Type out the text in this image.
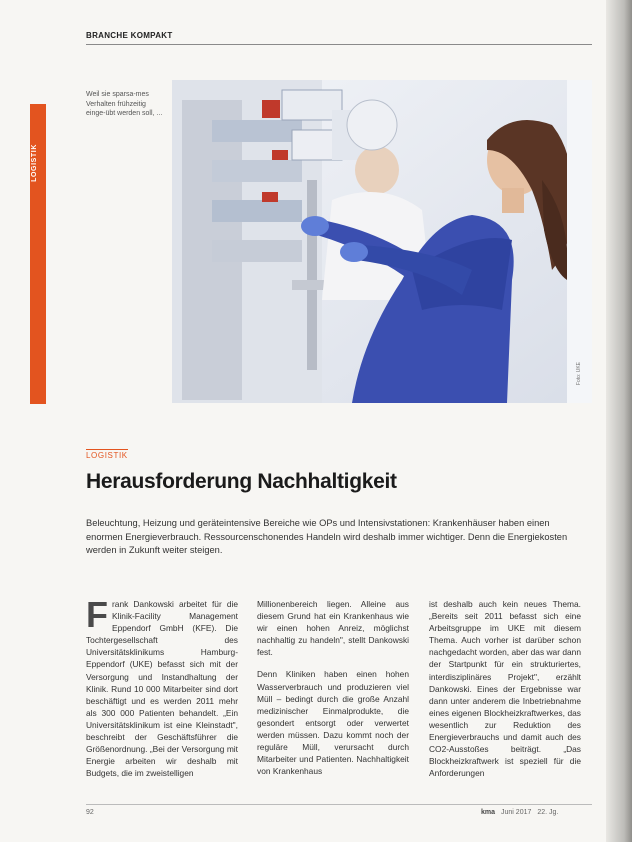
BRANCHE KOMPAKT
LOGISTIK
Weil sie sparsa-mes Verhalten frühzeitig einge-übt werden soll, ...
Foto: UKE
LOGISTIK
Herausforderung Nachhaltigkeit
Beleuchtung, Heizung und geräteintensive Bereiche wie OPs und Intensivstationen: Krankenhäuser haben einen enormen Energieverbrauch. Ressourcenschonendes Handeln wird deshalb immer wichtiger. Denn die Energiekosten werden in Zukunft weiter steigen.

F rank Dankowski arbeitet für die Klinik-Facility Management Eppendorf GmbH (KFE). Die Tochtergesellschaft des Universitätsklinikums Hamburg-Eppendorf (UKE) befasst sich mit der Versorgung und Instandhaltung der Klinik. Rund 10 000 Mitarbeiter sind dort beschäftigt und es werden 2011 mehr als 300 000 Patienten behandelt. „Ein Universitätsklinikum ist eine Kleinstadt", beschreibt der Geschäftsführer die Größenordnung. „Bei der Versorgung mit Energie arbeiten wir deshalb mit Budgets, die im zweistelligen

Millionenbereich liegen. Alleine aus diesem Grund hat ein Krankenhaus wie wir einen hohen Anreiz, möglichst nachhaltig zu handeln", stellt Dankowski fest.

Denn Kliniken haben einen hohen Wasserverbrauch und produzieren viel Müll – bedingt durch die große Anzahl medizinischer Einmalprodukte, die gesondert entsorgt oder verwertet werden müssen. Dazu kommt noch der reguläre Müll, verursacht durch Mitarbeiter und Patienten. Nachhaltigkeit von Krankenhaus

ist deshalb auch kein neues Thema. „Bereits seit 2011 befasst sich eine Arbeitsgruppe im UKE mit diesem Thema. Auch vorher ist darüber schon nachgedacht worden, aber das war dann der Startpunkt für ein strukturiertes, interdisziplinäres Projekt", erzählt Dankowski. Eines der Ergebnisse war dann unter anderem die Inbetriebnahme eines eigenen Blockheizkraftwerkes, das wesentlich zur Reduktion des Energieverbrauchs und damit auch des CO2-Ausstoßes beiträgt. „Das Blockheizkraftwerk ist speziell für die Anforderungen

92	kma Juni 2017 22. Jg.
